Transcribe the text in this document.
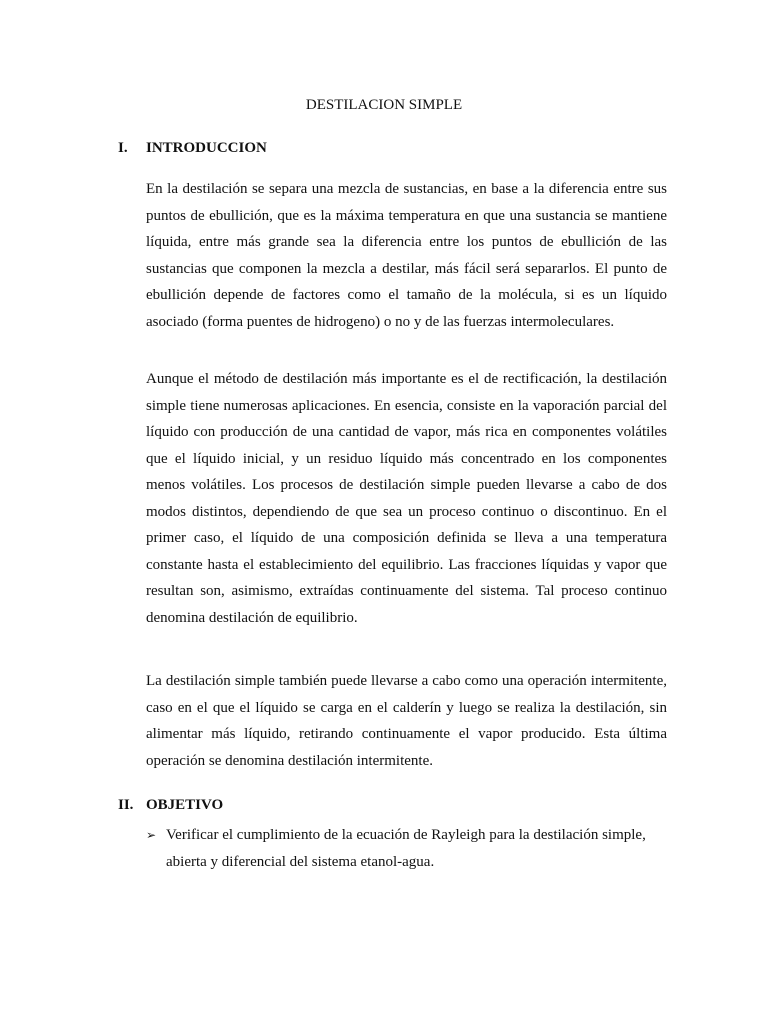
DESTILACION SIMPLE
I. INTRODUCCION

En la destilación se separa una mezcla de sustancias, en base a la diferencia entre sus puntos de ebullición, que es la máxima temperatura en que una sustancia se mantiene líquida, entre más grande sea la diferencia entre los puntos de ebullición de las sustancias que componen la mezcla a destilar, más fácil será separarlos. El punto de ebullición depende de factores como el tamaño de la molécula, si es un líquido asociado (forma puentes de hidrogeno) o no y de las fuerzas intermoleculares.

Aunque el método de destilación más importante es el de rectificación, la destilación simple tiene numerosas aplicaciones. En esencia, consiste en la vaporación parcial del líquido con producción de una cantidad de vapor, más rica en componentes volátiles que el líquido inicial, y un residuo líquido más concentrado en los componentes menos volátiles. Los procesos de destilación simple pueden llevarse a cabo de dos modos distintos, dependiendo de que sea un proceso continuo o discontinuo. En el primer caso, el líquido de una composición definida se lleva a una temperatura constante hasta el establecimiento del equilibrio. Las fracciones líquidas y vapor que resultan son, asimismo, extraídas continuamente del sistema. Tal proceso continuo denomina destilación de equilibrio.

La destilación simple también puede llevarse a cabo como una operación intermitente, caso en el que el líquido se carga en el calderín y luego se realiza la destilación, sin alimentar más líquido, retirando continuamente el vapor producido. Esta última operación se denomina destilación intermitente.

II. OBJETIVO
➢ Verificar el cumplimiento de la ecuación de Rayleigh para la destilación simple, abierta y diferencial del sistema etanol-agua.
